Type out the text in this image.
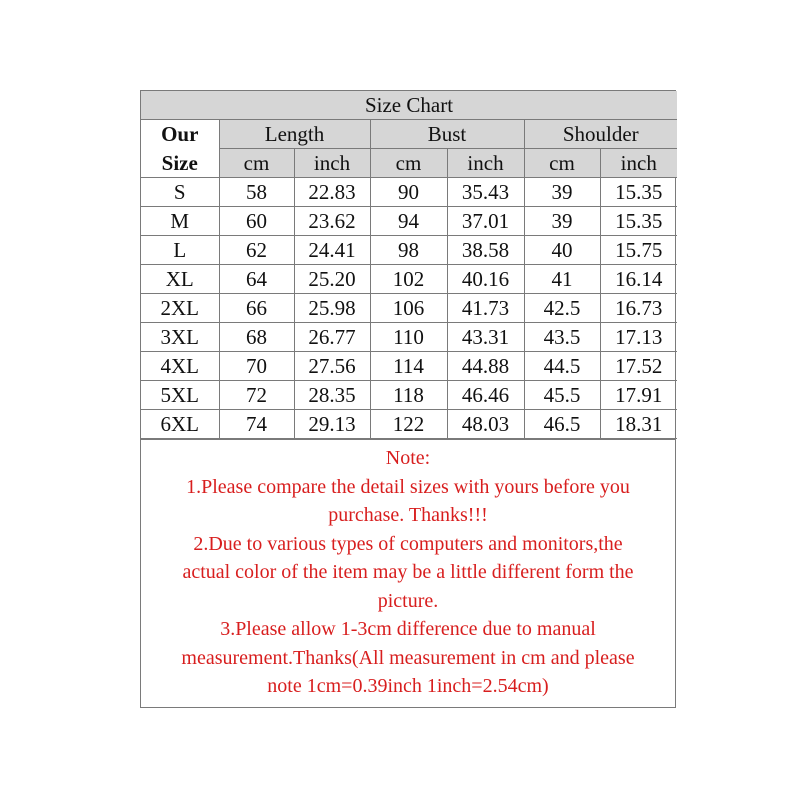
Size Chart						
Our	Length		Bust		Shoulder	
Size	cm	inch	cm	inch	cm	inch
S	58	22.83	90	35.43	39	15.35
M	60	23.62	94	37.01	39	15.35
L	62	24.41	98	38.58	40	15.75
XL	64	25.20	102	40.16	41	16.14
2XL	66	25.98	106	41.73	42.5	16.73
3XL	68	26.77	110	43.31	43.5	17.13
4XL	70	27.56	114	44.88	44.5	17.52
5XL	72	28.35	118	46.46	45.5	17.91
6XL	74	29.13	122	48.03	46.5	18.31
Note:
1.Please compare the detail sizes with yours before you
purchase. Thanks!!!
2.Due to various types of computers and monitors,the
actual color of the item may be a little different form the
picture.
3.Please allow 1-3cm difference due to manual
measurement.Thanks(All measurement in cm and please
note 1cm=0.39inch 1inch=2.54cm)
